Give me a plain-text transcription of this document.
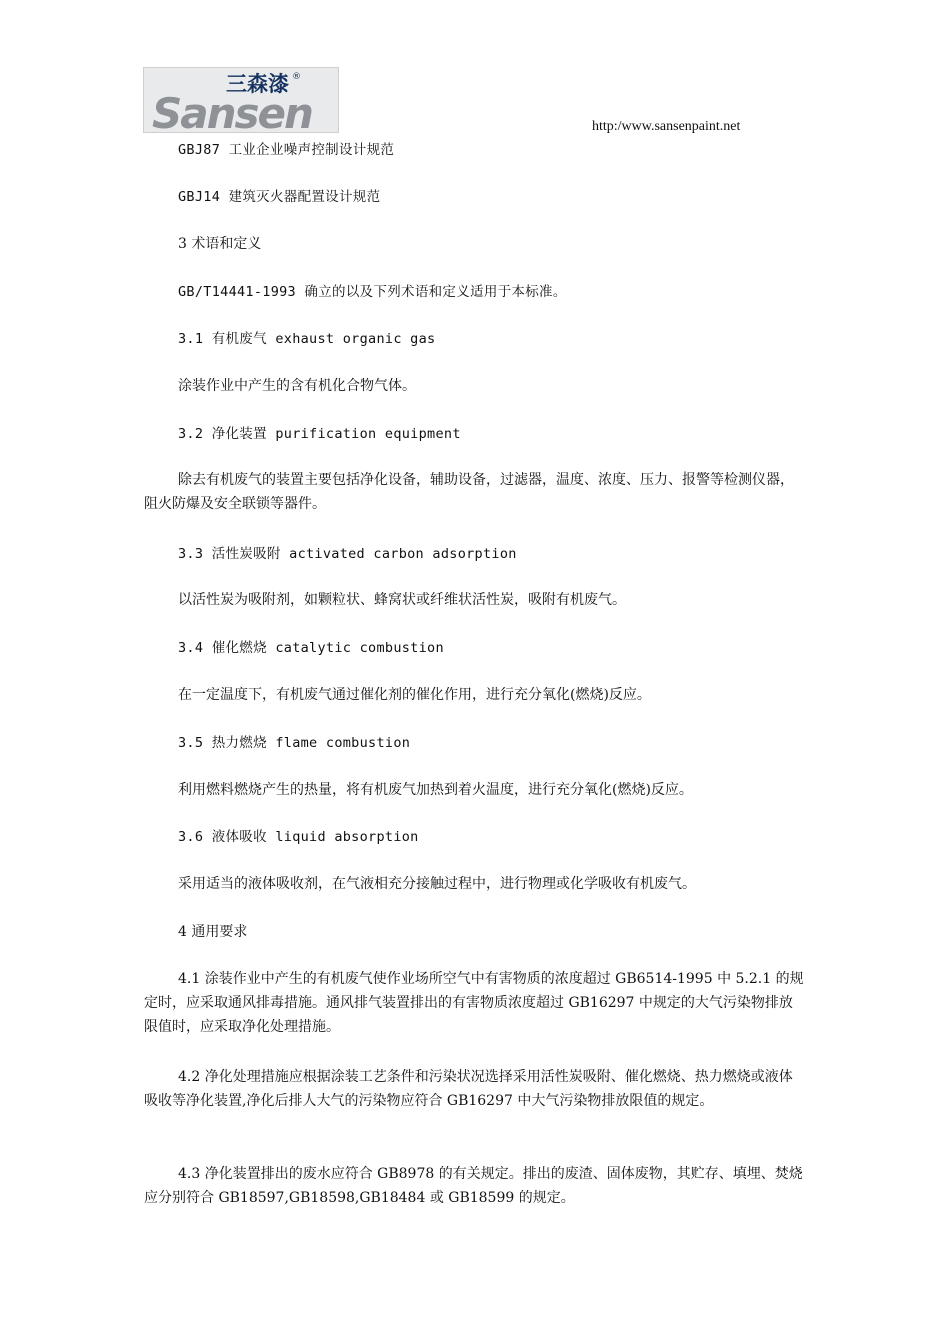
三森漆 ®
Sansen	http:/www.sansenpaint.net

GBJ87 工业企业噪声控制设计规范

GBJ14 建筑灭火器配置设计规范

3 术语和定义

GB/T14441-1993 确立的以及下列术语和定义适用于本标准。

3.1 有机废气 exhaust organic gas

涂装作业中产生的含有机化合物气体。

3.2 净化装置 purification equipment

除去有机废气的装置主要包括净化设备，辅助设备，过滤器，温度、浓度、压力、报警等检测仪器，阻火防爆及安全联锁等器件。

3.3 活性炭吸附 activated carbon adsorption

以活性炭为吸附剂，如颗粒状、蜂窝状或纤维状活性炭，吸附有机废气。

3.4 催化燃烧 catalytic combustion

在一定温度下，有机废气通过催化剂的催化作用，进行充分氧化(燃烧)反应。

3.5 热力燃烧 flame combustion

利用燃料燃烧产生的热量，将有机废气加热到着火温度，进行充分氧化(燃烧)反应。

3.6 液体吸收 liquid absorption

采用适当的液体吸收剂，在气液相充分接触过程中，进行物理或化学吸收有机废气。

4 通用要求

4.1 涂装作业中产生的有机废气使作业场所空气中有害物质的浓度超过 GB6514-1995 中 5.2.1 的规定时，应采取通风排毒措施。通风排气装置排出的有害物质浓度超过 GB16297 中规定的大气污染物排放限值时，应采取净化处理措施。

4.2 净化处理措施应根据涂装工艺条件和污染状况选择采用活性炭吸附、催化燃烧、热力燃烧或液体吸收等净化装置,净化后排人大气的污染物应符合 GB16297 中大气污染物排放限值的规定。

4.3 净化装置排出的废水应符合 GB8978 的有关规定。排出的废渣、固体废物，其贮存、填埋、焚烧应分别符合 GB18597,GB18598,GB18484 或 GB18599 的规定。
